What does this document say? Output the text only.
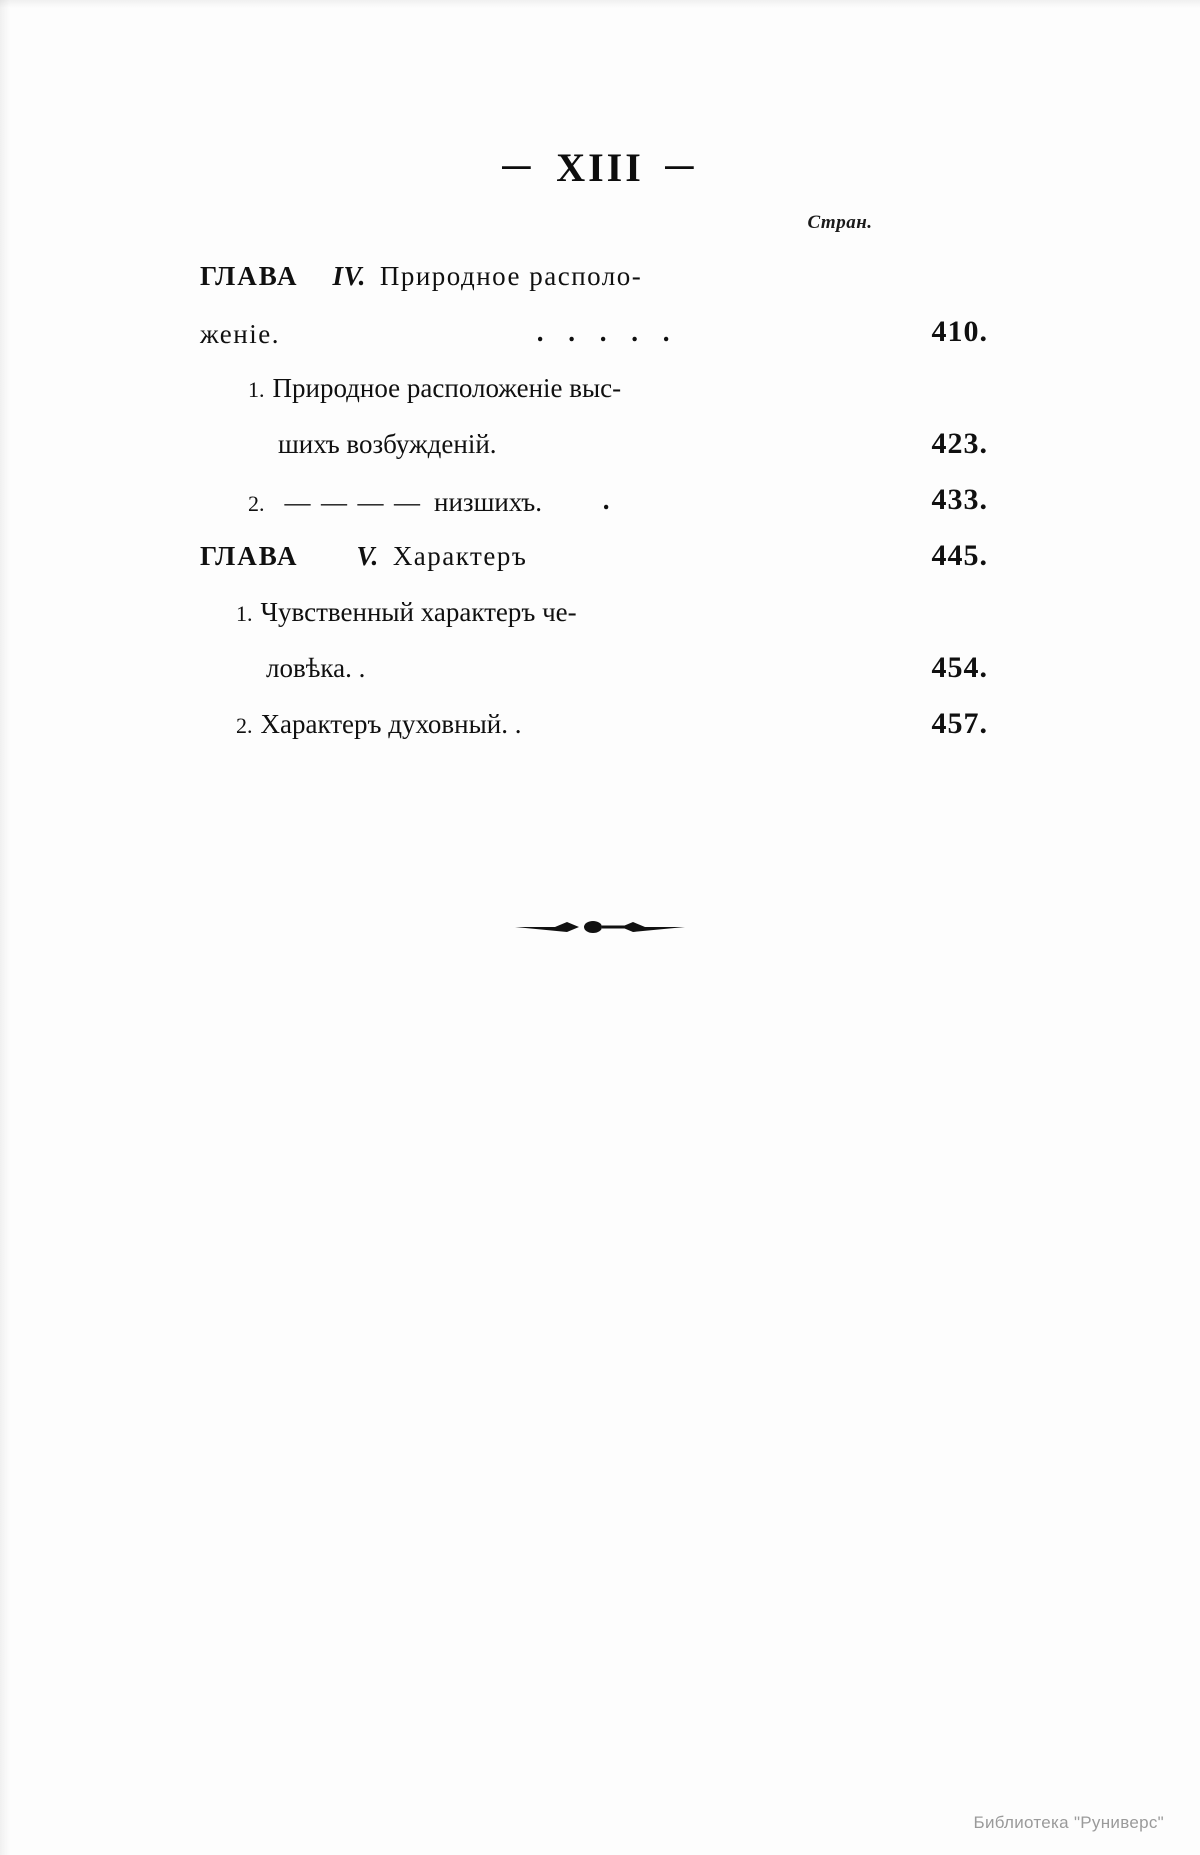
– XIII –
Стран.
ГЛАВА IV. Природное располо-
женіе.	. . . . .	410.
1. Природное расположеніе выс-
шихъ возбужденій.	423.
2. — — — — низшихъ. .	433.
ГЛАВА V. Характеръ	445.
1. Чувственный характеръ че-
ловѣка. .	454.
2. Характеръ духовный. .	457.
Библиотека "Руниверс"
